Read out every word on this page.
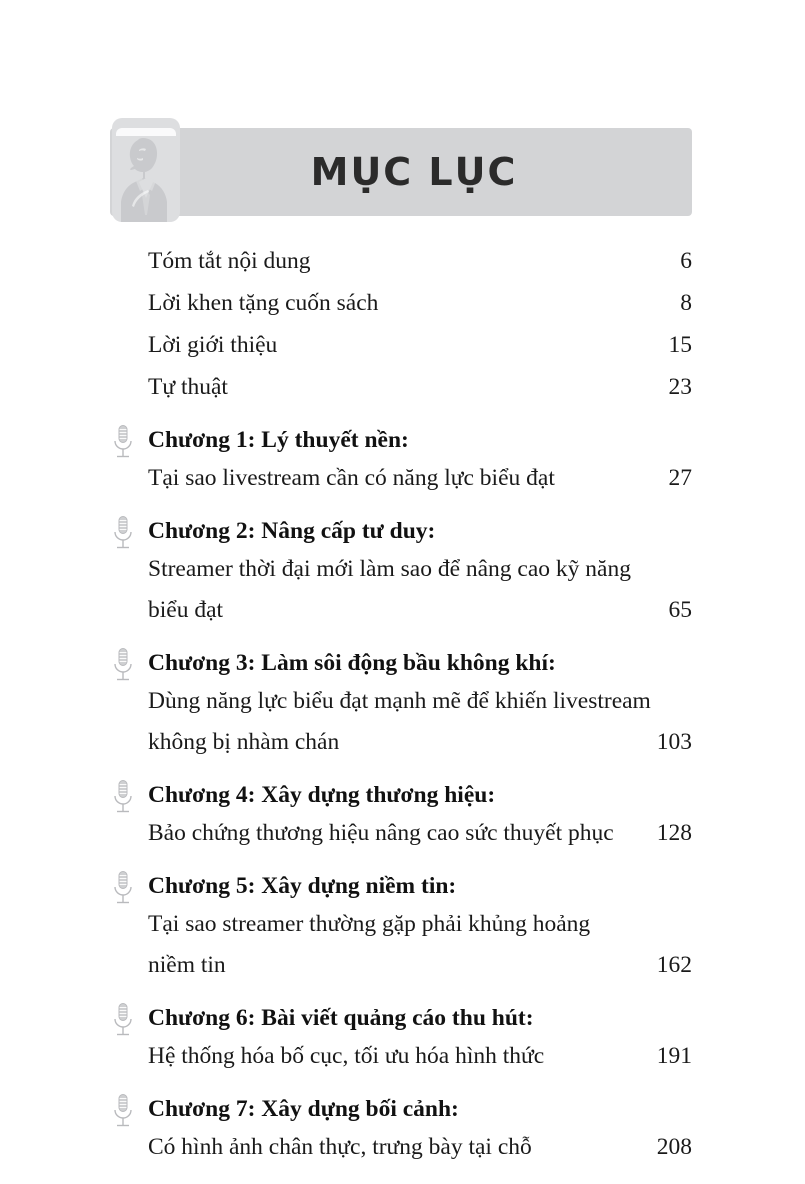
MỤC LỤC
Tóm tắt nội dung .....	6
Lời khen tặng cuốn sách .....	8
Lời giới thiệu .....	15
Tự thuật .....	23
Chương 1: Lý thuyết nền:
Tại sao livestream cần có năng lực biểu đạt .....	27
Chương 2: Nâng cấp tư duy:
Streamer thời đại mới làm sao để nâng cao kỹ năng
biểu đạt .....	65
Chương 3: Làm sôi động bầu không khí:
Dùng năng lực biểu đạt mạnh mẽ để khiến livestream
không bị nhàm chán .....	103
Chương 4: Xây dựng thương hiệu:
Bảo chứng thương hiệu nâng cao sức thuyết phục ..... 128
Chương 5: Xây dựng niềm tin:
Tại sao streamer thường gặp phải khủng hoảng
niềm tin .....	162
Chương 6: Bài viết quảng cáo thu hút:
Hệ thống hóa bố cục, tối ưu hóa hình thức .....	191
Chương 7: Xây dựng bối cảnh:
Có hình ảnh chân thực, trưng bày tại chỗ .....	208
